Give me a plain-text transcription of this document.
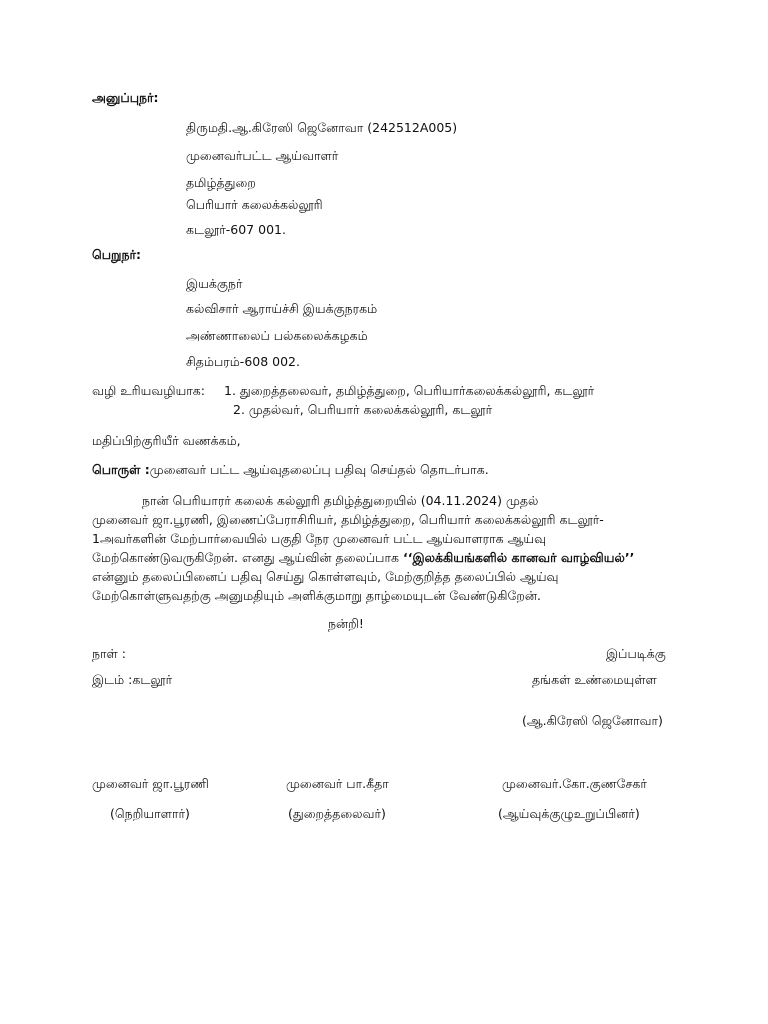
அனுப்புநர்:
திருமதி.ஆ.கிரேஸி ஜெனோவா (242512A005)
முனைவர்பட்ட ஆய்வாளர்
தமிழ்த்துறை
பெரியார் கலைக்கல்லூரி
கடலூர்-607 001.
பெறுநர்:
இயக்குநர்
கல்விசார் ஆராய்ச்சி இயக்குநரகம்
அண்ணாலைப் பல்கலைக்கழகம்
சிதம்பரம்-608 002.
வழி உரியவழியாக: 1. துறைத்தலைவர், தமிழ்த்துறை, பெரியார்கலைக்கல்லூரி, கடலூர்
2. முதல்வர், பெரியார் கலைக்கல்லூரி, கடலூர்
மதிப்பிற்குரியீர் வணக்கம்,
பொருள் :முனைவர் பட்ட ஆய்வுதலைப்பு பதிவு செய்தல் தொடர்பாக.
நான் பெரியாரர் கலைக் கல்லூரி தமிழ்த்துறையில் (04.11.2024) முதல்
முனைவர் ஜா.பூரணி, இணைப்பேராசிரியர், தமிழ்த்துறை, பெரியார் கலைக்கல்லூரி கடலூர்-
1அவர்களின் மேற்பார்வையில் பகுதி நேர முனைவர் பட்ட ஆய்வாளராக ஆய்வு
மேற்கொண்டுவருகிறேன். எனது ஆய்வின் தலைப்பாக ‘‘இலக்கியங்களில் கானவர் வாழ்வியல்’’
என்னும் தலைப்பினைப் பதிவு செய்து கொள்ளவும், மேற்குறித்த தலைப்பில் ஆய்வு
மேற்கொள்ளுவதற்கு அனுமதியும் அளிக்குமாறு தாழ்மையுடன் வேண்டுகிறேன்.
நன்றி!
நாள் :	இப்படிக்கு
இடம் :கடலூர்	தங்கள் உண்மையுள்ள
(ஆ.கிரேஸி ஜெனோவா)
முனைவர் ஜா.பூரணி	முனைவர் பா.கீதா	முனைவர்.கோ.குணசேகர்
(நெறியாளார்)	(துறைத்தலைவர்)	(ஆய்வுக்குழுஉறுப்பினர்)
